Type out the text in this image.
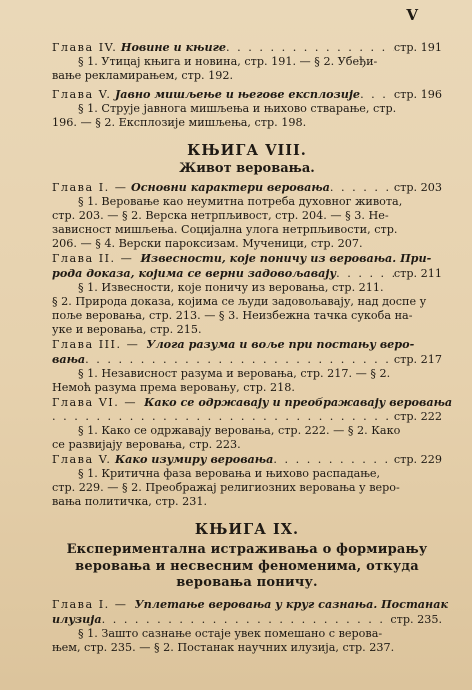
V
Глава IV.
Новине и књиге . . .	стр. 191

§ 1. Утицај књига и новина, стр. 191. — § 2. Убеђи-

вање рекламирањем, стр. 192.

Глава V.
Јавно мишљење и његове експлозије . . .	стр. 196

§ 1. Струје јавнога мишљења и њихово стварање, стр.

196. — § 2. Експлозије мишљења, стр. 198.

КЊИГА VIII.
Живот веровања.
Глава I. —
Основни карактери веровања . . .	стр. 203

§ 1. Веровање као неумитна потреба духовног живота,

стр. 203. — § 2. Верска нетрпљивост, стр. 204. — § 3. Не-

зависност мишљења. Социјална улога нетрпљивости, стр.

206. — § 4. Верски пароксизам. Мученици, стр. 207.

Глава II. — Извесности, које поничу из веровања. При-
рода доказа, којима се верни задовољавају . . .	стр. 211

§ 1. Извесности, које поничу из веровања, стр. 211.

§ 2. Природа доказа, којима се људи задовољавају, над доспе у

поље веровања, стр. 213. — § 3. Неизбежна тачка сукоба на-

уке и веровања, стр. 215.

Глава III. — Улога разума и воље при постању веро-
вања . . .	стр. 217

§ 1. Независност разума и веровања, стр. 217. — § 2.

Немоћ разума према веровању, стр. 218.

Глава VI. — Како се одржавају и преображавају веровања
. . .
стр. 222

§ 1. Како се одржавају веровања, стр. 222. — § 2. Како

се развијају веровања, стр. 223.

Глава V.
Како изумиру веровања . . .	стр. 229

§ 1. Критична фаза веровања и њихово распадање,

стр. 229. — § 2. Преображај религиозних веровања у веро-

вања политичка, стр. 231.

КЊИГА IX.
Експериментална истраживања о формирању
веровања и несвесним феноменима, откуда
веровања поничу.
Глава I. — Уплетање веровања у круг сазнања. Постанак
илузија . . .	стр. 235.

§ 1. Зашто сазнање остаје увек помешано с верова-

њем, стр. 235. — § 2. Постанак научних илузија, стр. 237.
